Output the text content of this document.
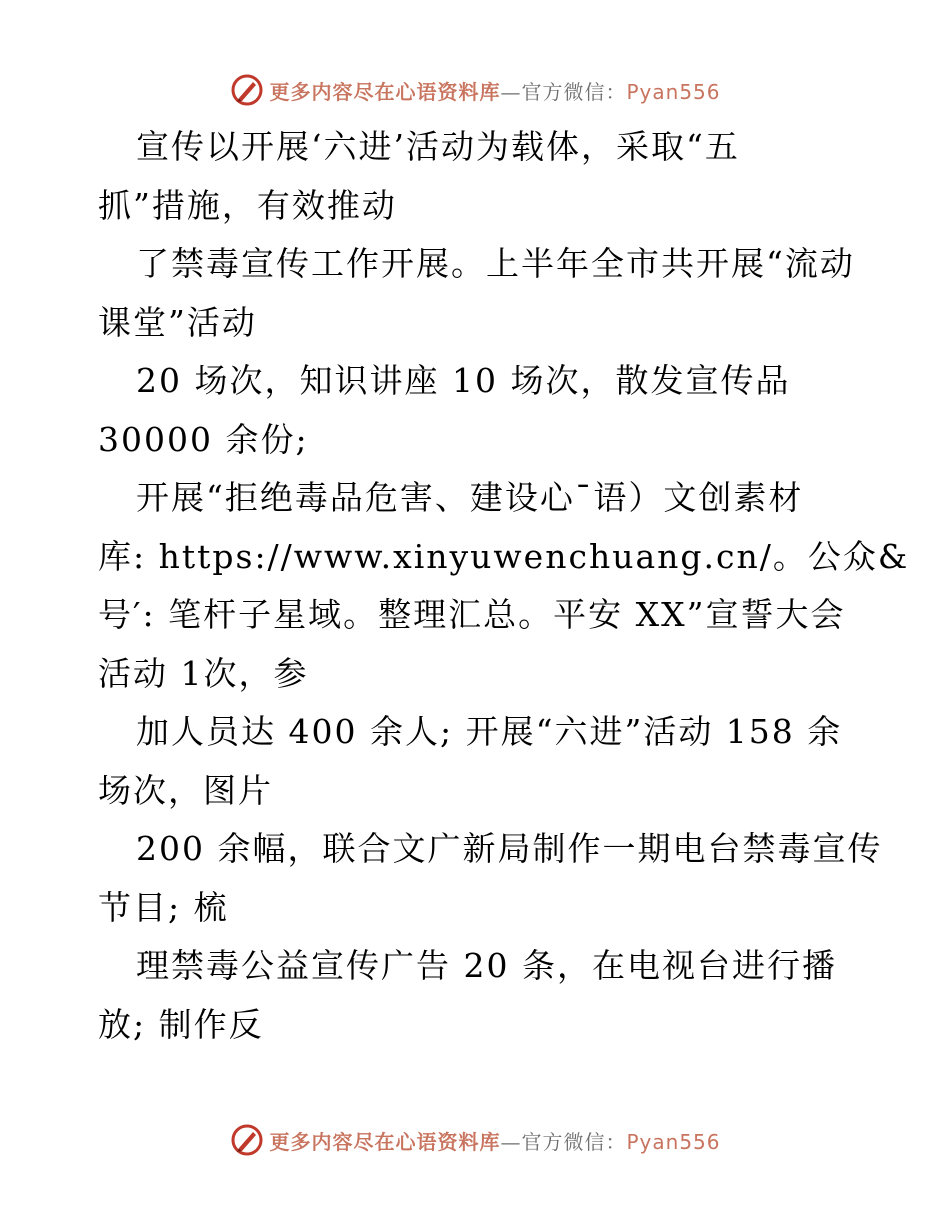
更多内容尽在心语资料库—官方微信：Pyan556
宣传以开展‘六进’活动为载体，采取“五
抓”措施，有效推动
了禁毒宣传工作开展。上半年全市共开展“流动
课堂”活动
20 场次，知识讲座 10 场次，散发宣传品
30000 余份;
开展“拒绝毒品危害、建设心¯语）文创素材
库: https://www.xinyuwenchuang.cn/。公众&
号′: 笔杆子星域。整理汇总。平安 XX”宣誓大会
活动 1次，参
加人员达 400 余人; 开展“六进”活动 158 余
场次，图片
200 余幅，联合文广新局制作一期电台禁毒宣传
节目; 梳
理禁毒公益宣传广告 20 条，在电视台进行播
放; 制作反
更多内容尽在心语资料库—官方微信：Pyan556
